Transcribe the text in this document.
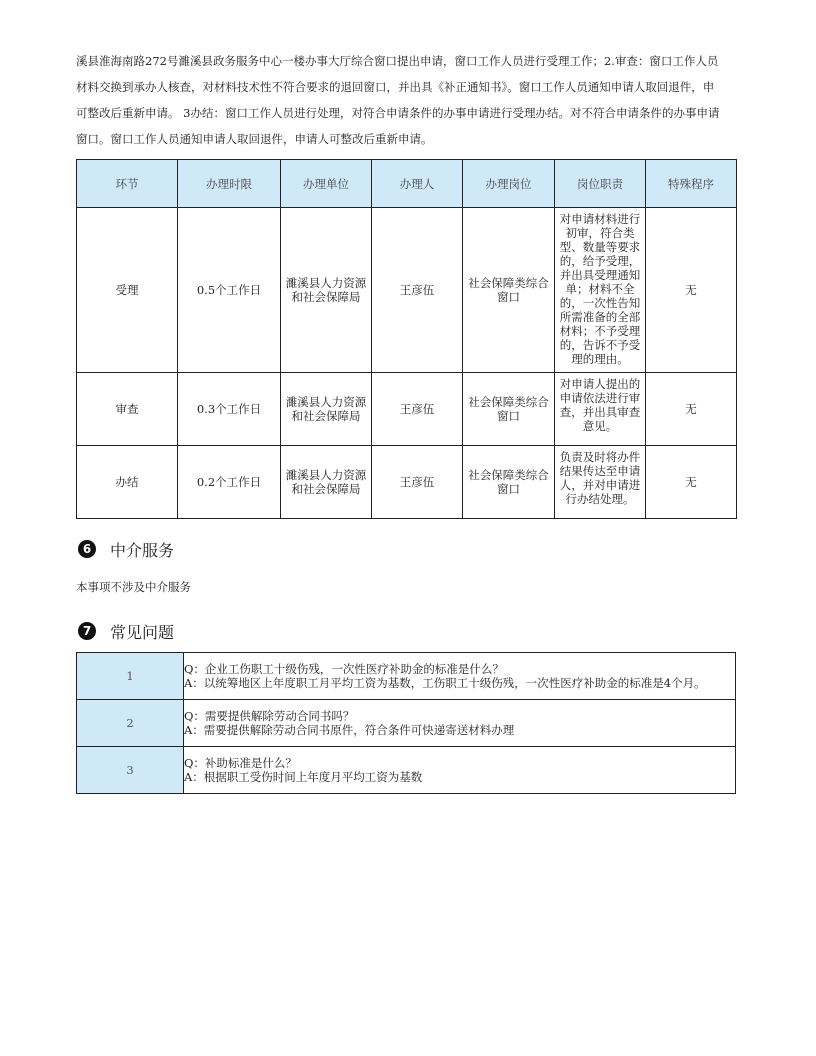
溪县淮海南路272号濉溪县政务服务中心一楼办事大厅综合窗口提出申请，窗口工作人员进行受理工作；2.审查：窗口工作人员
材料交换到承办人核查，对材料技术性不符合要求的退回窗口，并出具《补正通知书》。窗口工作人员通知申请人取回退件，申
可整改后重新申请。 3办结：窗口工作人员进行处理，对符合申请条件的办事申请进行受理办结。对不符合申请条件的办事申请
窗口。窗口工作人员通知申请人取回退件，申请人可整改后重新申请。
环节	办理时限	办理单位	办理人	办理岗位	岗位职责	特殊程序
受理	0.5个工作日	濉溪县人力资源和社会保障局	王彦伍	社会保障类综合窗口	对申请材料进行初审，符合类型、数量等要求的，给予受理，并出具受理通知单；材料不全的，一次性告知所需准备的全部材料；不予受理的，告诉不予受理的理由。	无
审查	0.3个工作日	濉溪县人力资源和社会保障局	王彦伍	社会保障类综合窗口	对申请人提出的申请依法进行审查，并出具审查意见。	无
办结	0.2个工作日	濉溪县人力资源和社会保障局	王彦伍	社会保障类综合窗口	负责及时将办件结果传达至申请人，并对申请进行办结处理。	无
6	中介服务
本事项不涉及中介服务
7	常见问题
1	Q：企业工伤职工十级伤残，一次性医疗补助金的标准是什么？
A：以统筹地区上年度职工月平均工资为基数，工伤职工十级伤残，一次性医疗补助金的标准是4个月。

2	Q：需要提供解除劳动合同书吗？
A：需要提供解除劳动合同书原件，符合条件可快递寄送材料办理

3	Q：补助标准是什么？
A：根据职工受伤时间上年度月平均工资为基数
